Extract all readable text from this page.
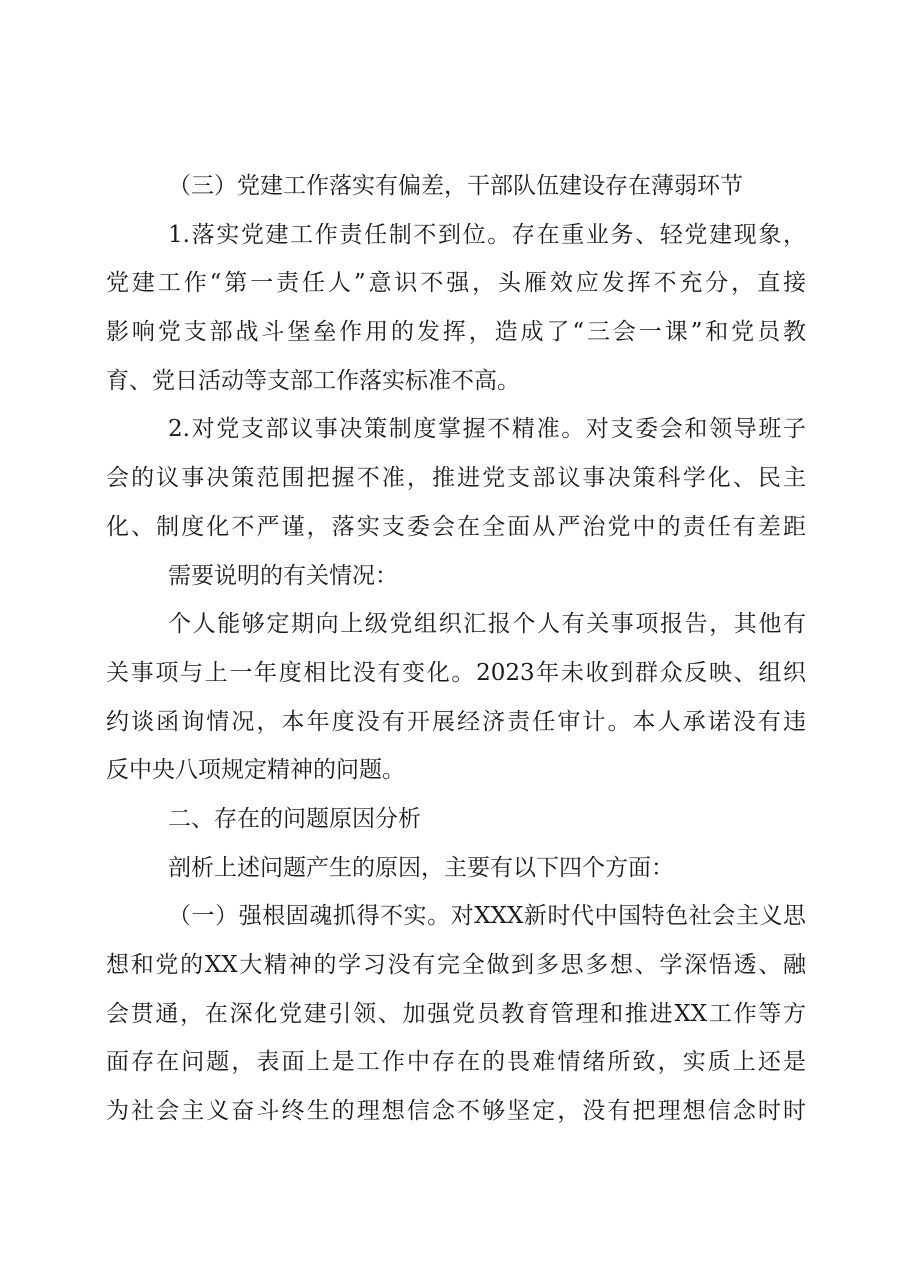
（三）党建工作落实有偏差，干部队伍建设存在薄弱环节
1.落实党建工作责任制不到位。存在重业务、轻党建现象，
党建工作“第一责任人”意识不强，头雁效应发挥不充分，直接
影响党支部战斗堡垒作用的发挥，造成了“三会一课”和党员教
育、党日活动等支部工作落实标准不高。
2.对党支部议事决策制度掌握不精准。对支委会和领导班子
会的议事决策范围把握不准，推进党支部议事决策科学化、民主
化、制度化不严谨，落实支委会在全面从严治党中的责任有差距
需要说明的有关情况：
个人能够定期向上级党组织汇报个人有关事项报告，其他有
关事项与上一年度相比没有变化。2023年未收到群众反映、组织
约谈函询情况，本年度没有开展经济责任审计。本人承诺没有违
反中央八项规定精神的问题。
二、存在的问题原因分析
剖析上述问题产生的原因，主要有以下四个方面：
（一）强根固魂抓得不实。对XXX新时代中国特色社会主义思
想和党的XX大精神的学习没有完全做到多思多想、学深悟透、融
会贯通，在深化党建引领、加强党员教育管理和推进XX工作等方
面存在问题，表面上是工作中存在的畏难情绪所致，实质上还是
为社会主义奋斗终生的理想信念不够坚定，没有把理想信念时时
